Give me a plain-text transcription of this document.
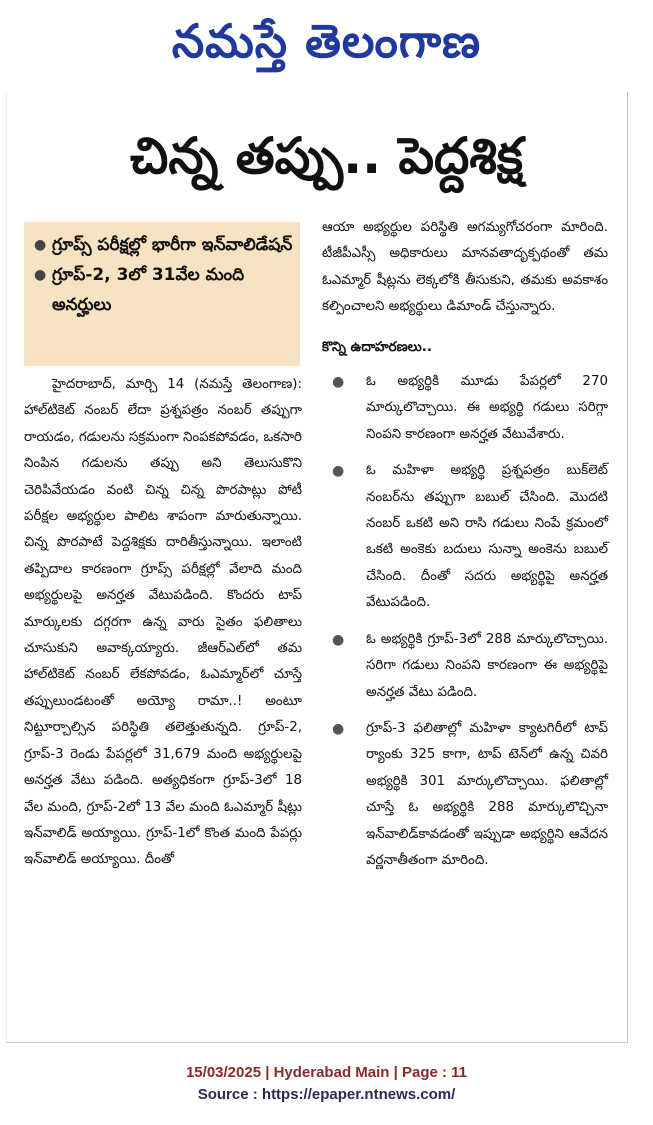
నమస్తే తెలంగాణ
చిన్న తప్పు.. పెద్దశిక్ష
● గ్రూప్స్ పరీక్షల్లో భారీగా ఇన్‌వాలిడేషన్
● గ్రూప్-2, 3లో 31వేల మంది అనర్హులు

హైదరాబాద్, మార్చి 14 (నమస్తే తెలంగాణ): హాల్‌టికెట్ నంబర్ లేదా ప్రశ్నపత్రం నంబర్ తప్పుగా రాయడం, గడులను సక్రమంగా నింపకపోవడం, ఒకసారి నింపిన గడులను తప్పు అని తెలుసుకొని చెరిపివేయడం వంటి చిన్న చిన్న పొరపాట్లు పోటీ పరీక్షల అభ్యర్థుల పాలిట శాపంగా మారుతున్నాయి. చిన్న పొరపాటే పెద్దశిక్షకు దారితీస్తున్నాయి. ఇలాంటి తప్పిదాల కారణంగా గ్రూప్స్ పరీక్షల్లో వేలాది మంది అభ్యర్థులపై అనర్హత వేటుపడింది. కొందరు టాప్ మార్కులకు దగ్గరగా ఉన్న వారు సైతం ఫలితాలు చూసుకుని అవాక్కయ్యారు. జీఆర్‌ఎల్‌లో తమ హాల్‌టికెట్ నంబర్ లేకపోవడం, ఓఎమ్మార్‌లో చూస్తే తప్పులుండటంతో అయ్యో రామా..! అంటూ నిట్టూర్చాల్సిన పరిస్థితి తలెత్తుతున్నది. గ్రూప్-2, గ్రూప్-3 రెండు పేపర్లలో 31,679 మంది అభ్యర్థులపై అనర్హత వేటు పడింది. అత్యధికంగా గ్రూప్-3లో 18 వేల మంది, గ్రూప్-2లో 13 వేల మంది ఓఎమ్మార్ షీట్లు ఇన్‌వాలిడ్ అయ్యాయి. గ్రూప్-1లో కొంత మంది పేపర్లు ఇన్‌వాలిడ్ అయ్యాయి. దీంతో

ఆయా అభ్యర్థుల పరిస్థితి అగమ్యగోచరంగా మారింది. టీజీపీఎస్సీ అధికారులు మానవతాదృక్పథంతో తమ ఓఎమ్మార్ షీట్లను లెక్కలోకి తీసుకుని, తమకు అవకాశం కల్పించాలని అభ్యర్థులు డిమాండ్ చేస్తున్నారు.

కొన్ని ఉదాహరణలు..

●	ఓ అభ్యర్థికి మూడు పేపర్లలో 270 మార్కులొచ్చాయి. ఈ అభ్యర్థి గడులు సరిగ్గా నింపని కారణంగా అనర్హత వేటువేశారు.
●	ఓ మహిళా అభ్యర్థి ప్రశ్నపత్రం బుక్‌లెట్ నంబర్‌ను తప్పుగా బబుల్ చేసింది. మొదటి నంబర్ ఒకటి అని రాసి గడులు నింపే క్రమంలో ఒకటి అంకెకు బదులు సున్నా అంకెను బబుల్ చేసింది. దీంతో సదరు అభ్యర్థిపై అనర్హత వేటుపడింది.
●	ఓ అభ్యర్థికి గ్రూప్-3లో 288 మార్కులొచ్చాయి. సరిగా గడులు నింపని కారణంగా ఈ అభ్యర్థిపై అనర్హత వేటు పడింది.
●	గ్రూప్-3 ఫలితాల్లో మహిళా క్యాటగిరీలో టాప్ ర్యాంకు 325 కాగా, టాప్ టెన్‌లో ఉన్న చివరి అభ్యర్థికి 301 మార్కులొచ్చాయి. ఫలితాల్లో చూస్తే ఓ అభ్యర్థికి 288 మార్కులొచ్చినా ఇన్‌వాలిడ్‌కావడంతో ఇప్పుడా అభ్యర్థిని ఆవేదన వర్ణనాతీతంగా మారింది.
15/03/2025 | Hyderabad Main | Page : 11
Source : https://epaper.ntnews.com/
